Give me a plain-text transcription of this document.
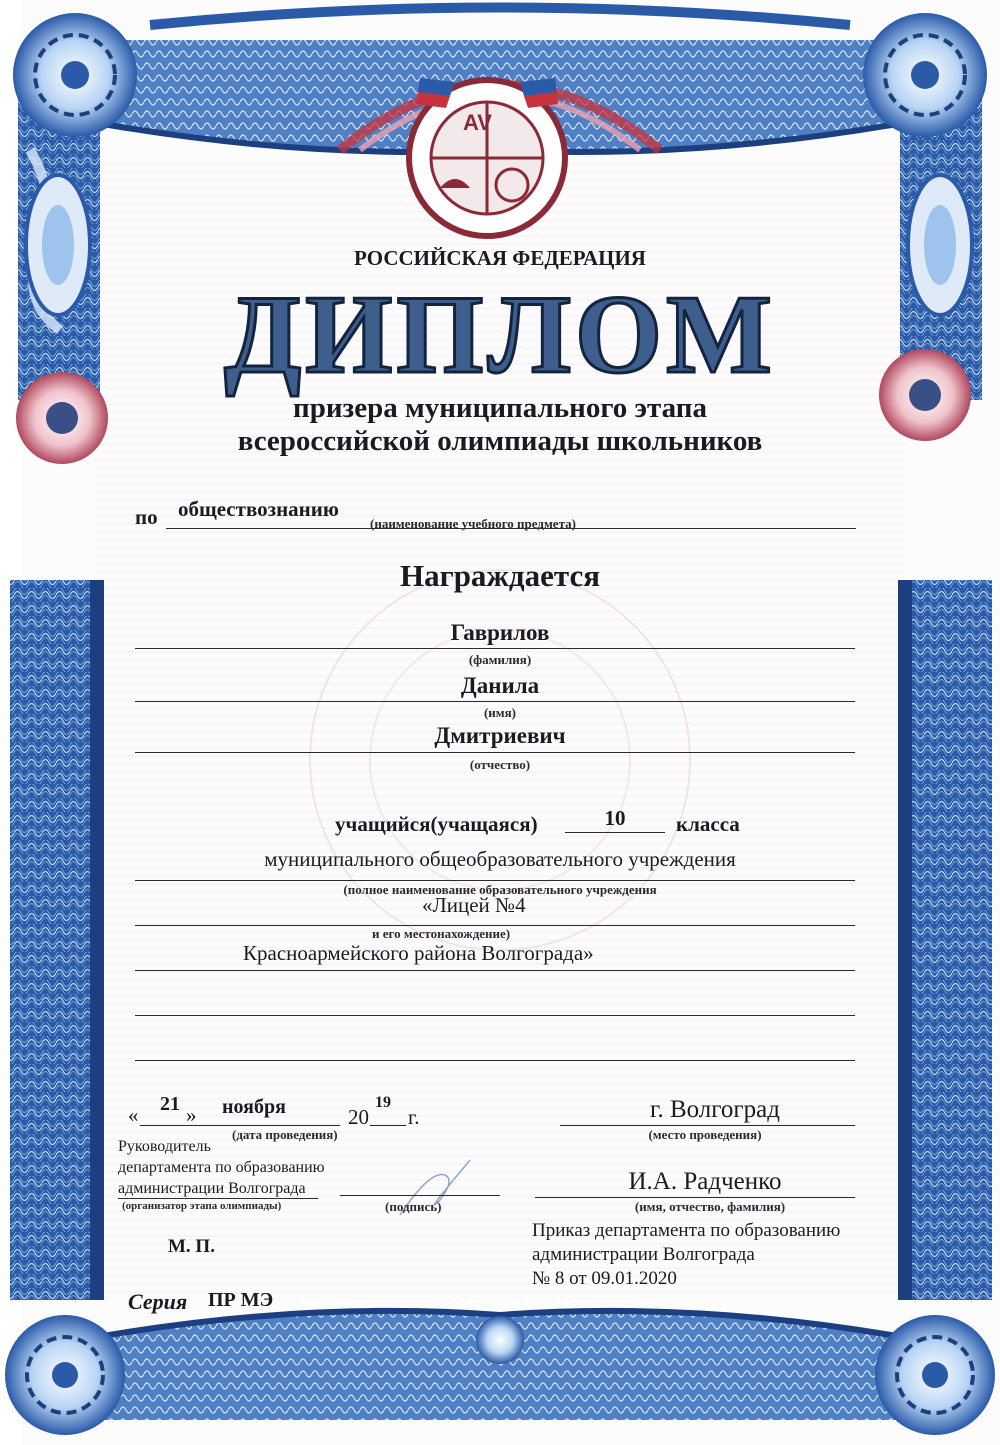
ДИПЛОМ
AV
РОССИЙСКАЯ ФЕДЕРАЦИЯ
призера муниципального этапа
всероссийской олимпиады школьников
по обществознанию
(наименование учебного предмета)
Награждается
Гаврилов
(фамилия)
Данила
(имя)
Дмитриевич
(отчество)
учащийся(учащаяся)	10	класса
муниципального общеобразовательного учреждения
(полное наименование образовательного учреждения
«Лицей №4
и его местонахождение)
Красноармейского района Волгограда»
«	21 » ноября	20
19
г.
(дата проведения)
г. Волгоград
(место проведения)
Руководитель
департамента по образованию
администрации Волгограда
(организатор этапа олимпиады)	(подпись)
И.А. Радченко
(имя, отчество, фамилия)
Приказ департамента по образованию
администрации Волгограда
№ 8 от 09.01.2020
М. П.
Серия ПР МЭ
